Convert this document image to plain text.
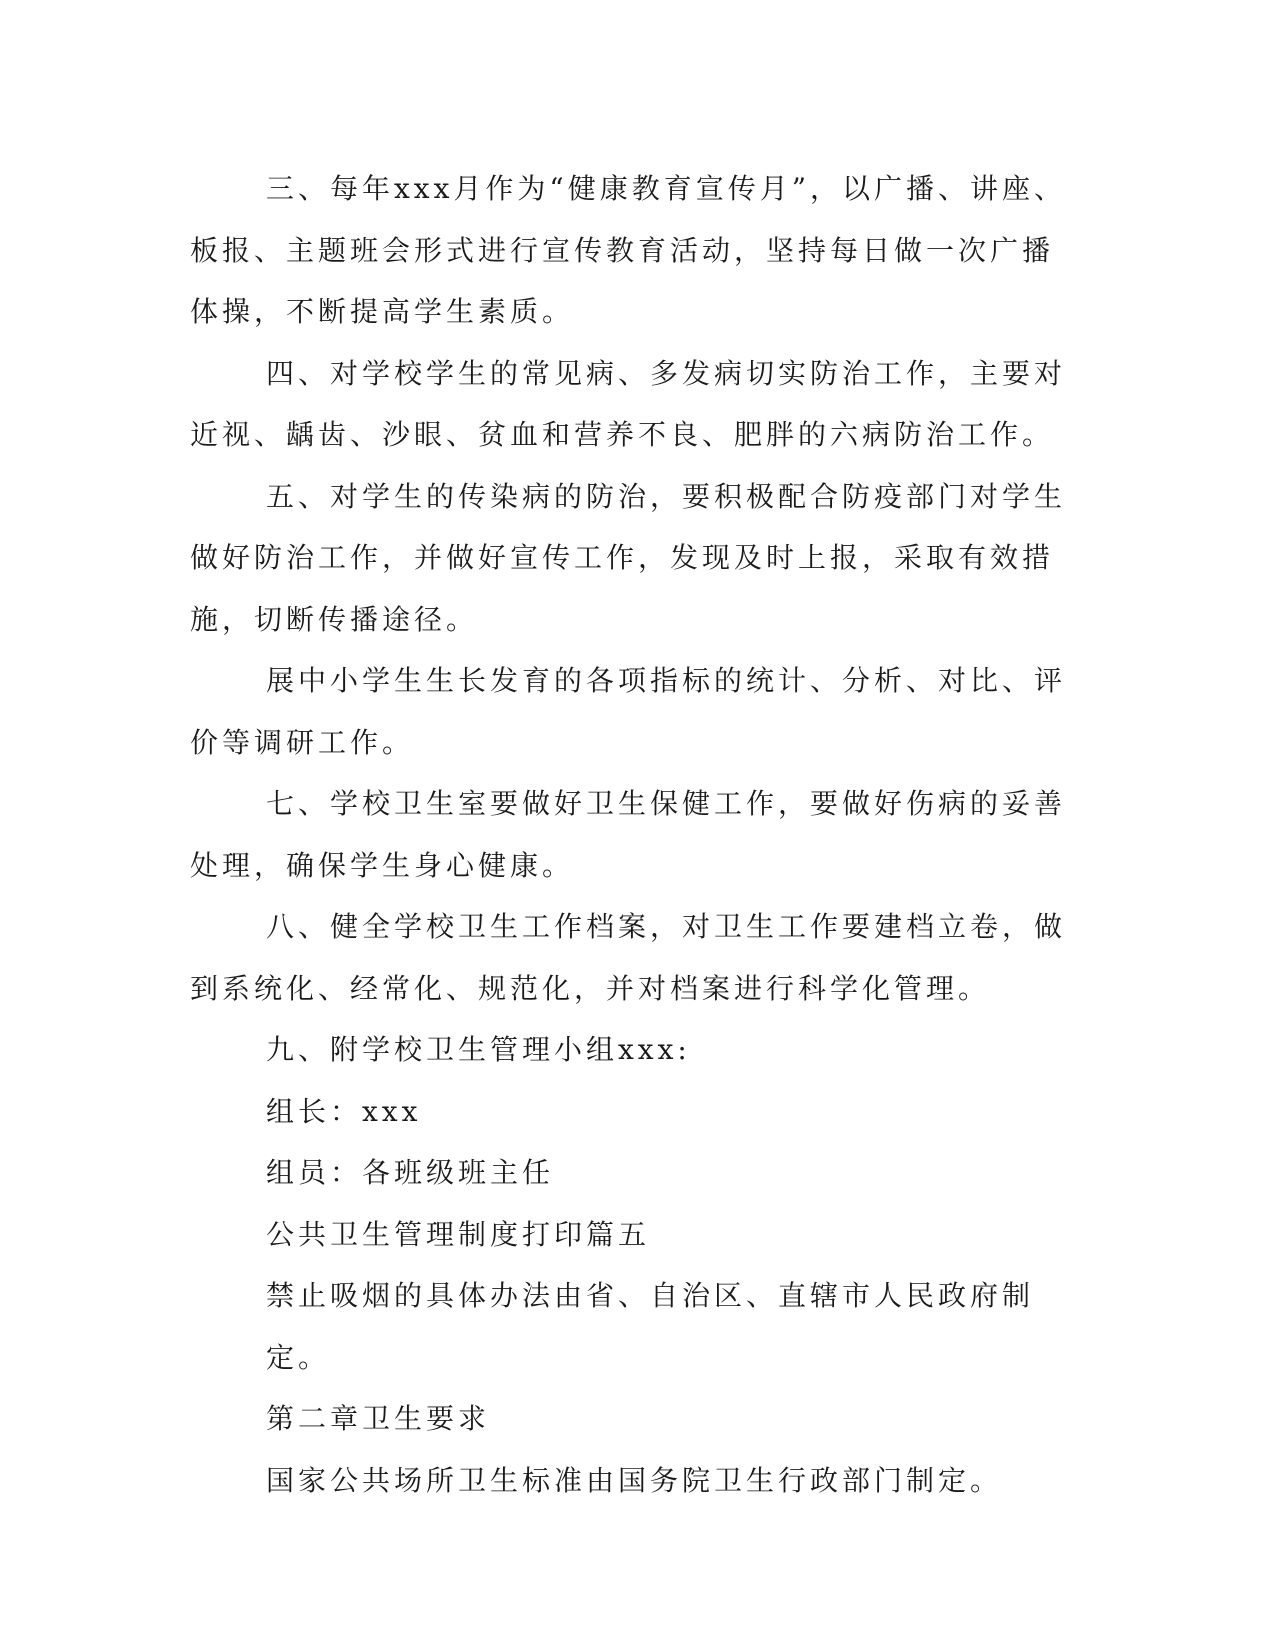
三、每年xxx月作为“健康教育宣传月”，以广播、讲座、板报、主题班会形式进行宣传教育活动，坚持每日做一次广播体操，不断提高学生素质。

四、对学校学生的常见病、多发病切实防治工作，主要对近视、龋齿、沙眼、贫血和营养不良、肥胖的六病防治工作。

五、对学生的传染病的防治，要积极配合防疫部门对学生做好防治工作，并做好宣传工作，发现及时上报，采取有效措施，切断传播途径。

展中小学生生长发育的各项指标的统计、分析、对比、评价等调研工作。

七、学校卫生室要做好卫生保健工作，要做好伤病的妥善处理，确保学生身心健康。

八、健全学校卫生工作档案，对卫生工作要建档立卷，做到系统化、经常化、规范化，并对档案进行科学化管理。

九、附学校卫生管理小组xxx:

组长：xxx

组员：各班级班主任

公共卫生管理制度打印篇五

禁止吸烟的具体办法由省、自治区、直辖市人民政府制定。

第二章卫生要求

国家公共场所卫生标准由国务院卫生行政部门制定。
